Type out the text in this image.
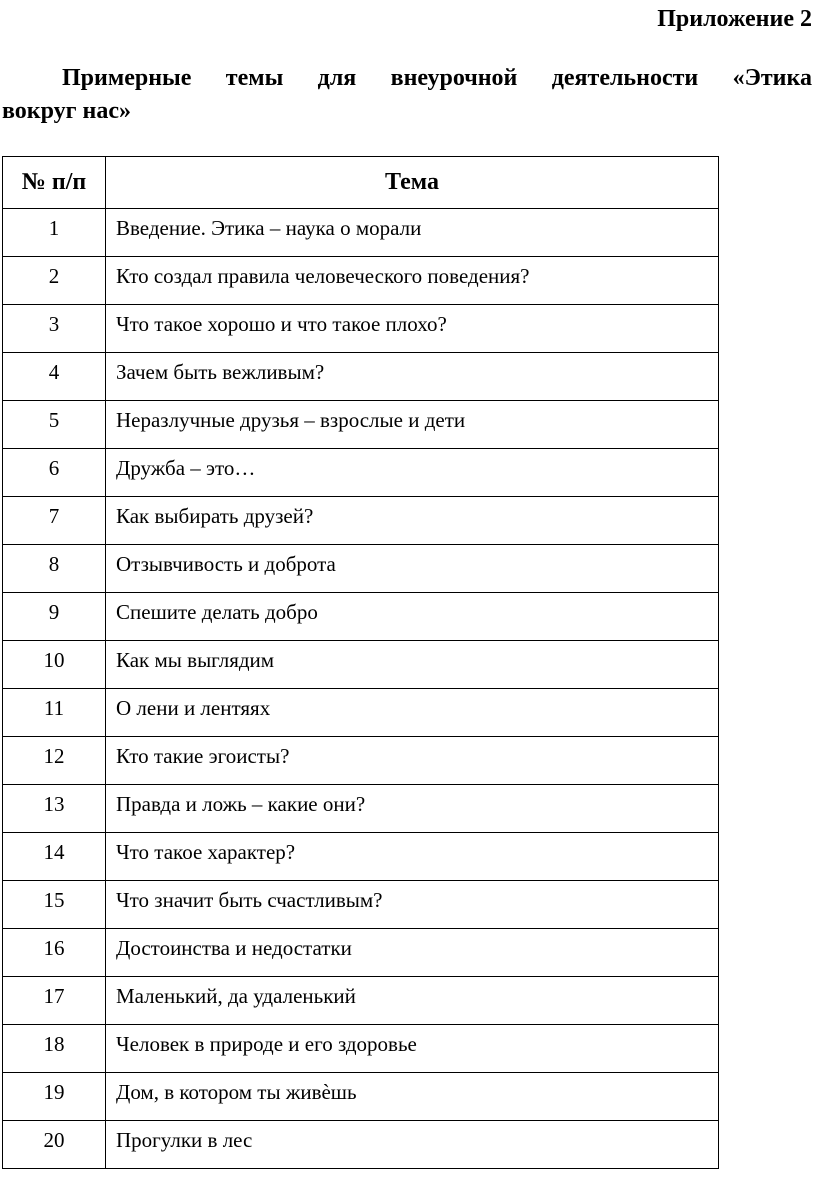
Приложение 2

Примерные темы для внеурочной деятельности «Этика
вокруг нас»
№ п/п	Тема
1	Введение. Этика – наука о морали
2	Кто создал правила человеческого поведения?
3	Что такое хорошо и что такое плохо?
4	Зачем быть вежливым?
5	Неразлучные друзья – взрослые и дети
6	Дружба – это…
7	Как выбирать друзей?
8	Отзывчивость и доброта
9	Спешите делать добро
10	Как мы выглядим
11	О лени и лентяях
12	Кто такие эгоисты?
13	Правда и ложь – какие они?
14	Что такое характер?
15	Что значит быть счастливым?
16	Достоинства и недостатки
17	Маленький, да удаленький
18	Человек в природе и его здоровье
19	Дом, в котором ты живѐшь
20	Прогулки в лес
